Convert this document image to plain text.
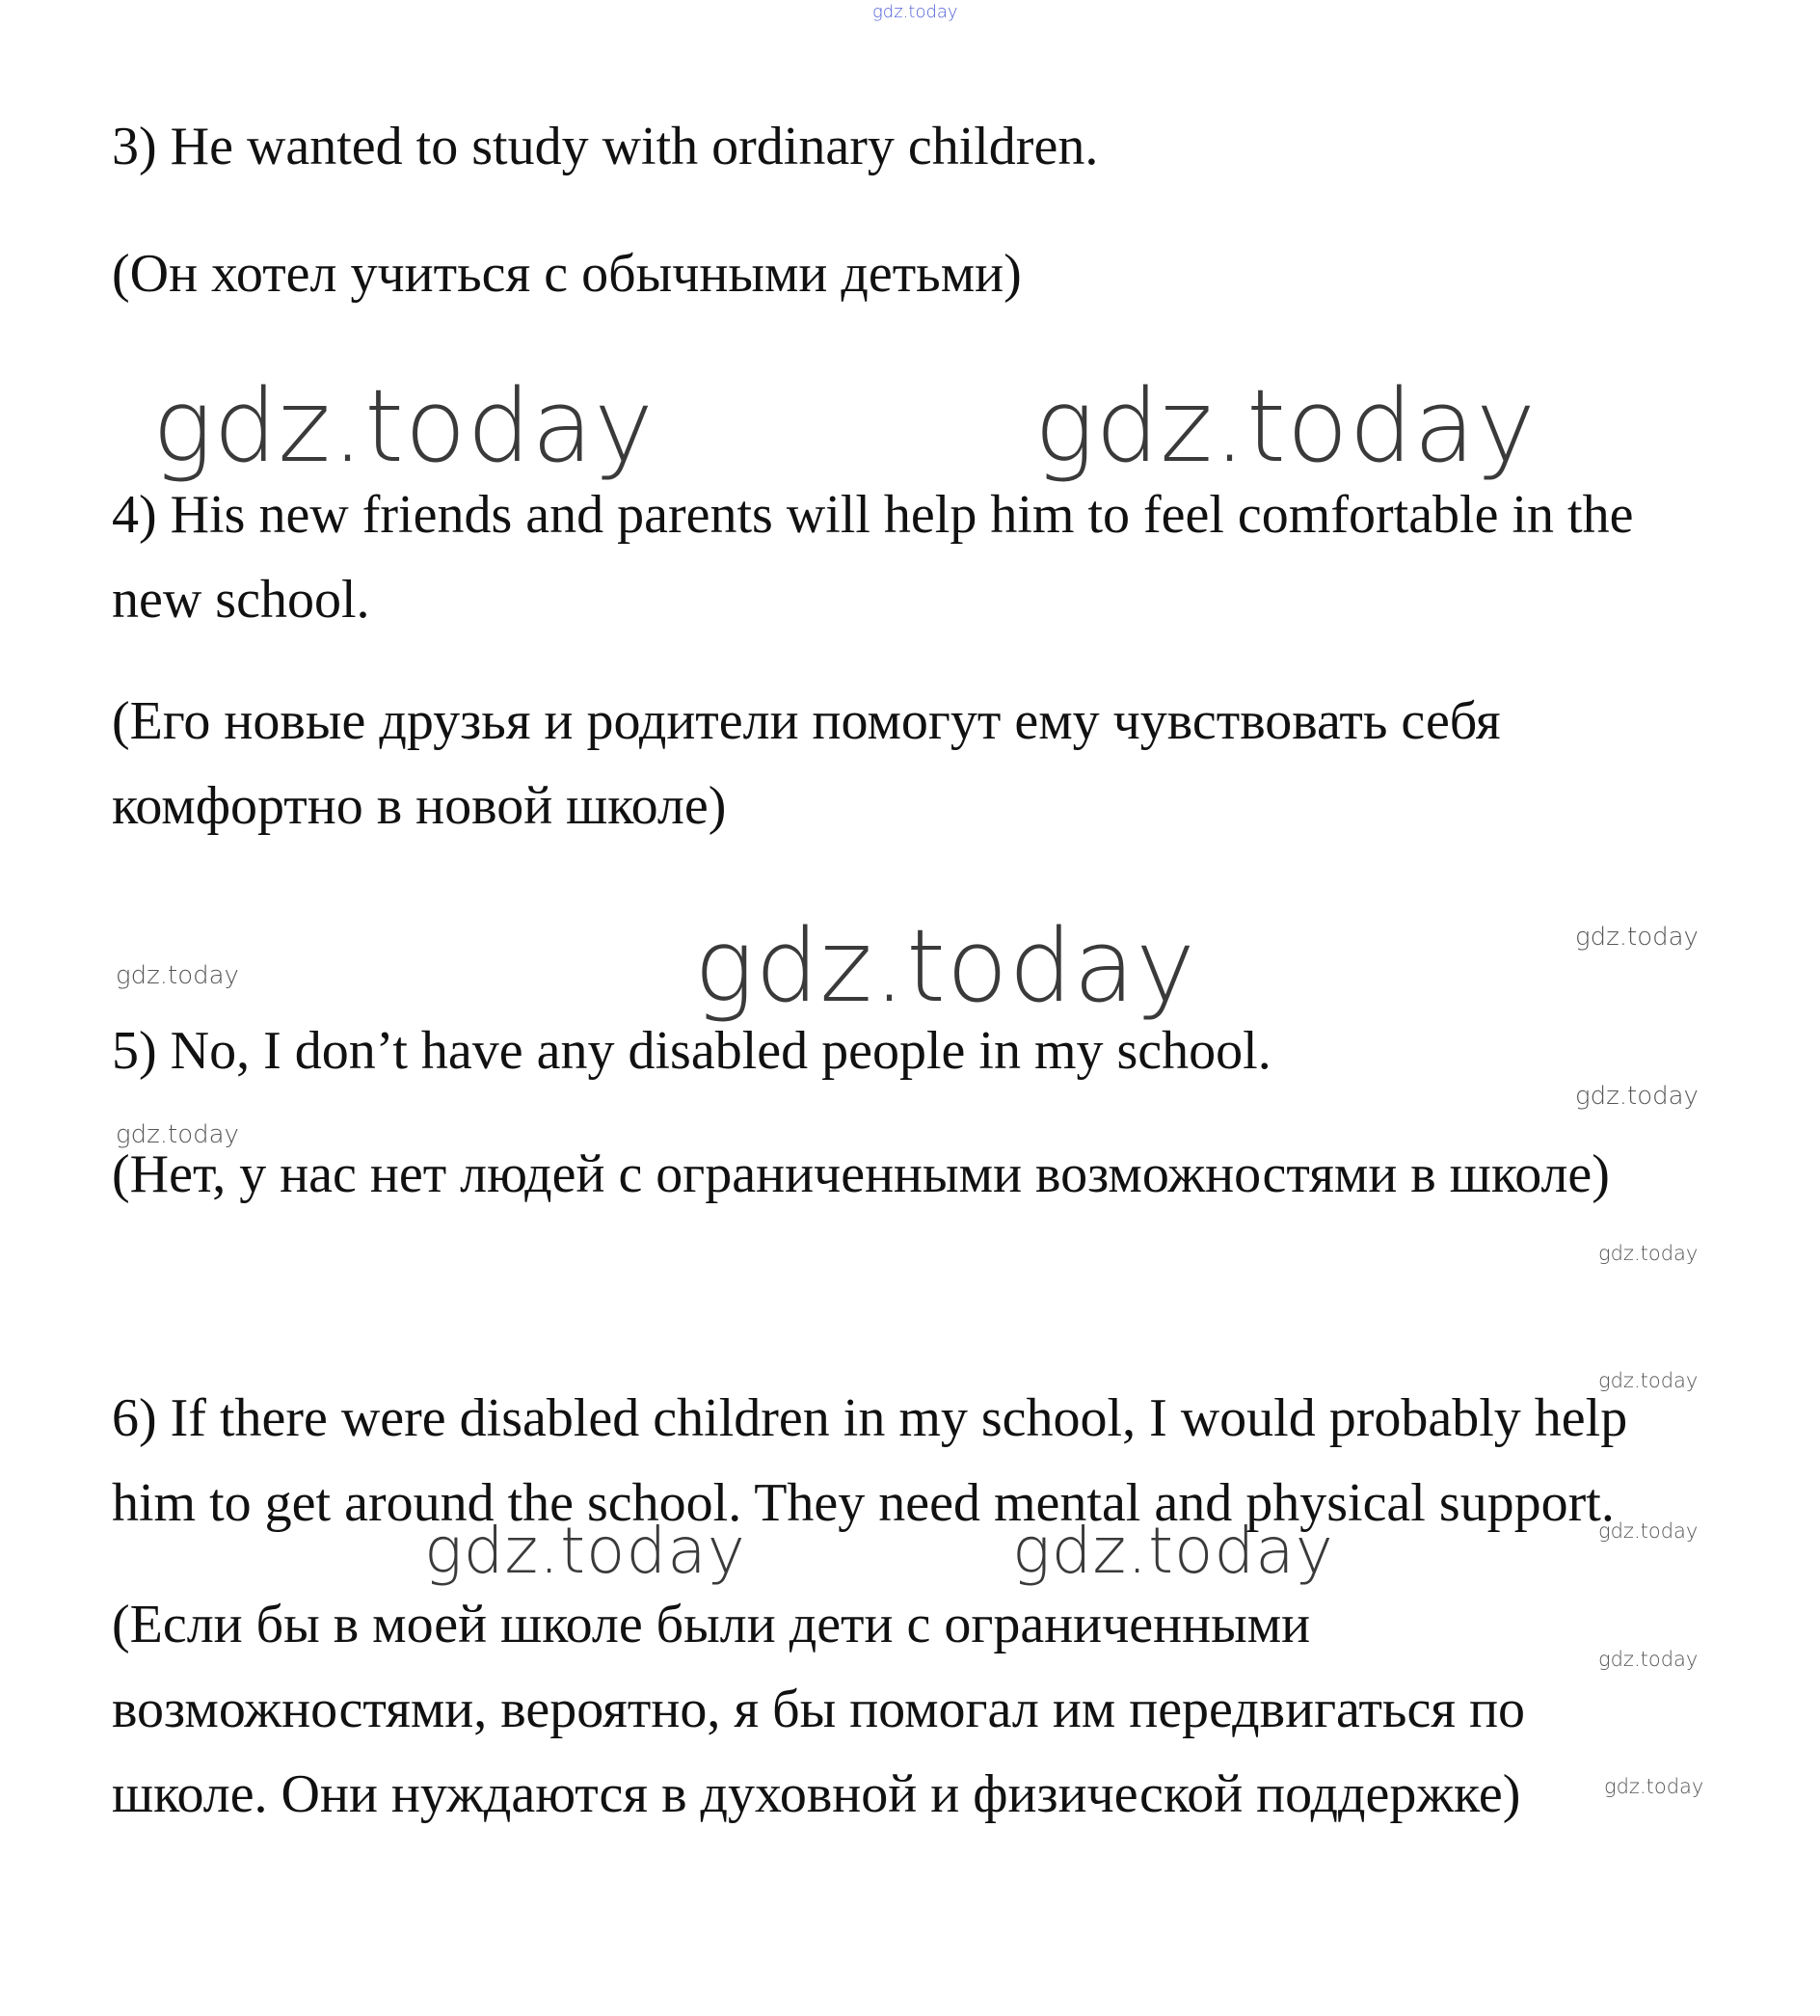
gdz.today
3) He wanted to study with ordinary children.
(Он хотел учиться с обычными детьми)
gdz.today	gdz.today
4) His new friends and parents will help him to feel comfortable in the
new school.
(Его новые друзья и родители помогут ему чувствовать себя
комфортно в новой школе)
gdz.today	gdz.today
gdz.today
5) No, I don’t have any disabled people in my school.
gdz.today
gdz.today
(Нет, у нас нет людей с ограниченными возможностями в школе)
gdz.today
gdz.today
6) If there were disabled children in my school, I would probably help
him to get around the school. They need mental and physical support.
gdz.today
gdz.today	gdz.today
(Если бы в моей школе были дети с ограниченными
gdz.today
возможностями, вероятно, я бы помогал им передвигаться по
школе. Они нуждаются в духовной и физической поддержке)	gdz.today
